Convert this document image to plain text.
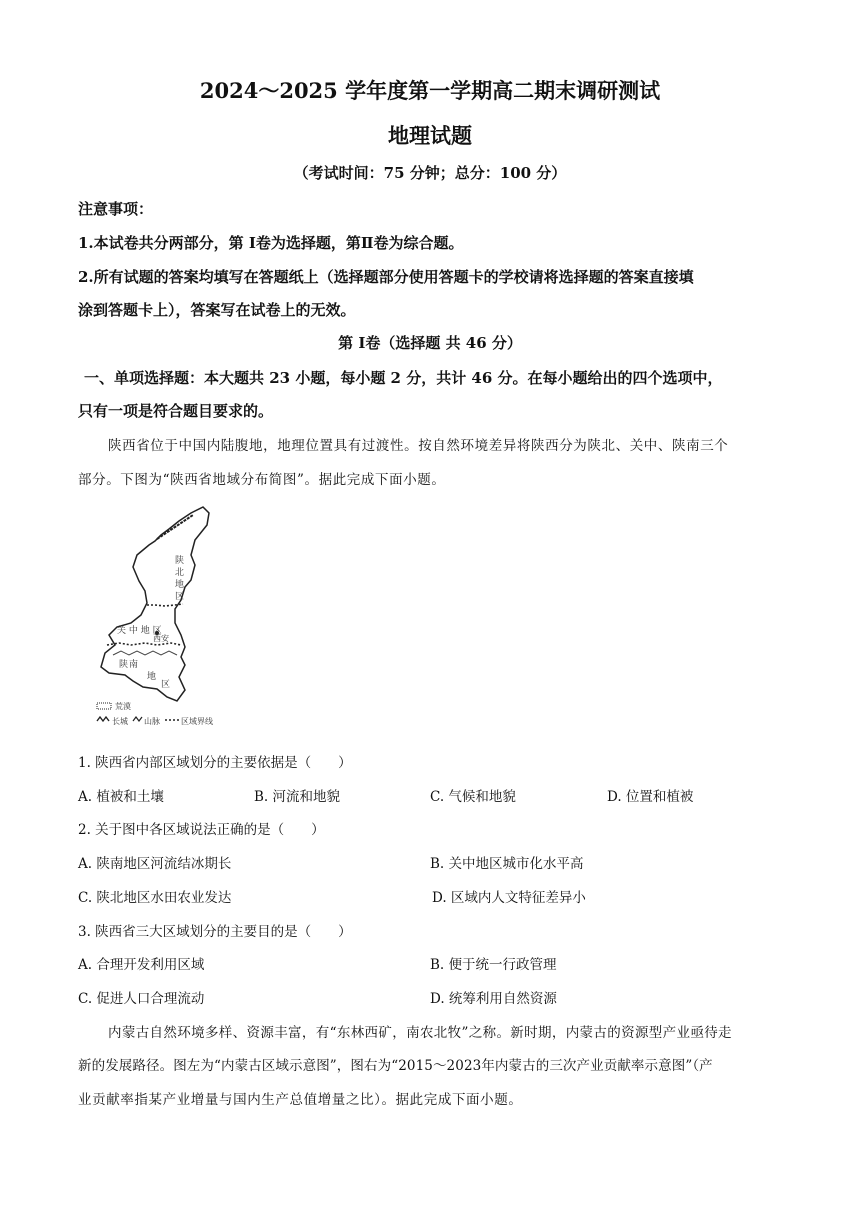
2024～2025 学年度第一学期高二期末调研测试
地理试题
（考试时间：75 分钟；总分：100 分）
注意事项：
1.本试卷共分两部分，第 Ⅰ卷为选择题，第Ⅱ卷为综合题。
2.所有试题的答案均填写在答题纸上（选择题部分使用答题卡的学校请将选择题的答案直接填
涂到答题卡上），答案写在试卷上的无效。
第 Ⅰ卷（选择题 共 46 分）
一、单项选择题：本大题共 23 小题，每小题 2 分，共计 46 分。在每小题给出的四个选项中，
只有一项是符合题目要求的。
陕西省位于中国内陆腹地，地理位置具有过渡性。按自然环境差异将陕西分为陕北、关中、陕南三个
部分。下图为“陕西省地域分布简图”。据此完成下面小题。
陕
北
地
区
关 中 地 区
西安
陕 南
地
区
荒漠
长城 山脉	区域界线
1. 陕西省内部区域划分的主要依据是（　　）
A. 植被和土壤	B. 河流和地貌	C. 气候和地貌	D. 位置和植被
2. 关于图中各区域说法正确的是（　　）
A. 陕南地区河流结冰期长	B. 关中地区城市化水平高
C. 陕北地区水田农业发达	D. 区域内人文特征差异小
3. 陕西省三大区域划分的主要目的是（　　）
A. 合理开发利用区域	B. 便于统一行政管理
C. 促进人口合理流动	D. 统筹利用自然资源
内蒙古自然环境多样、资源丰富，有“东林西矿，南农北牧”之称。新时期，内蒙古的资源型产业亟待走
新的发展路径。图左为“内蒙古区域示意图”，图右为“2015～2023年内蒙古的三次产业贡献率示意图”（产
业贡献率指某产业增量与国内生产总值增量之比）。据此完成下面小题。
